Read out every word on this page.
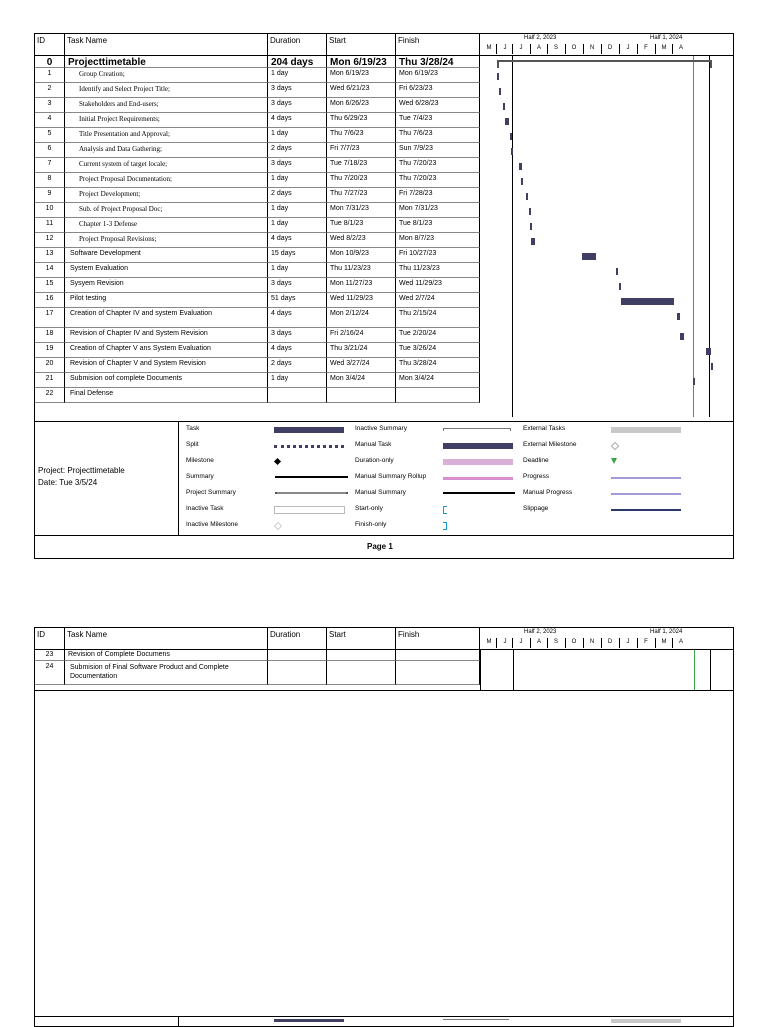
ID	Task Name	Duration	Start	Finish	Half 2, 2023	Half 1, 2024
M	J	J	A	S	O	N	D	J	F	M	A
0	Projecttimetable	204 days	Mon 6/19/23	Thu 3/28/24
1	Group Creation;	1 day	Mon 6/19/23	Mon 6/19/23
2	Identify and Select Project Title;	3 days	Wed 6/21/23	Fri 6/23/23
3	Stakeholders and End-users;	3 days	Mon 6/26/23	Wed 6/28/23
4	Initial Project Requirements;	4 days	Thu 6/29/23	Tue 7/4/23
5	Title Presentation and Approval;	1 day	Thu 7/6/23	Thu 7/6/23
6	Analysis and Data Gathering;	2 days	Fri 7/7/23	Sun 7/9/23
7	Current system of target locale;	3 days	Tue 7/18/23	Thu 7/20/23
8	Project Proposal Documentation;	1 day	Thu 7/20/23	Thu 7/20/23
9	Project Development;	2 days	Thu 7/27/23	Fri 7/28/23
10	Sub. of Project Proposal Doc;	1 day	Mon 7/31/23	Mon 7/31/23
11	Chapter 1-3 Defense	1 day	Tue 8/1/23	Tue 8/1/23
12	Project Proposal Revisions;	4 days	Wed 8/2/23	Mon 8/7/23
13	Software Development	15 days	Mon 10/9/23	Fri 10/27/23
14	System Evaluation	1 day	Thu 11/23/23	Thu 11/23/23
15	Sysyem Revision	3 days	Mon 11/27/23	Wed 11/29/23
16	Pilot testing	51 days	Wed 11/29/23	Wed 2/7/24
17	Creation of Chapter IV and system Evaluation	4 days	Mon 2/12/24	Thu 2/15/24
18	Revision of Chapter IV and System Revision	3 days	Fri 2/16/24	Tue 2/20/24
19	Creation of Chapter V ans System Evaluation	4 days	Thu 3/21/24	Tue 3/26/24
20	Revision of Chapter V and System Revision	2 days	Wed 3/27/24	Thu 3/28/24
21	Submision oof complete Documents	1 day	Mon 3/4/24	Mon 3/4/24
22	Final Defense
Project: Projecttimetable
Date: Tue 3/5/24
Task
Split
Milestone
Summary
Project Summary
Inactive Task
Inactive Milestone
Inactive Summary
Manual Task
Duration-only
Manual Summary Rollup
Manual Summary
Start-only
Finish-only
External Tasks
External Milestone
Deadline
Progress
Manual Progress
Slippage
Page 1
ID	Task Name	Duration	Start	Finish	Half 2, 2023	Half 1, 2024
M	J	J	A	S	O	N	D	J	F	M	A
23	Revision of Complete Documens
24	Submision of Final Software Product and Complete
Documentation
